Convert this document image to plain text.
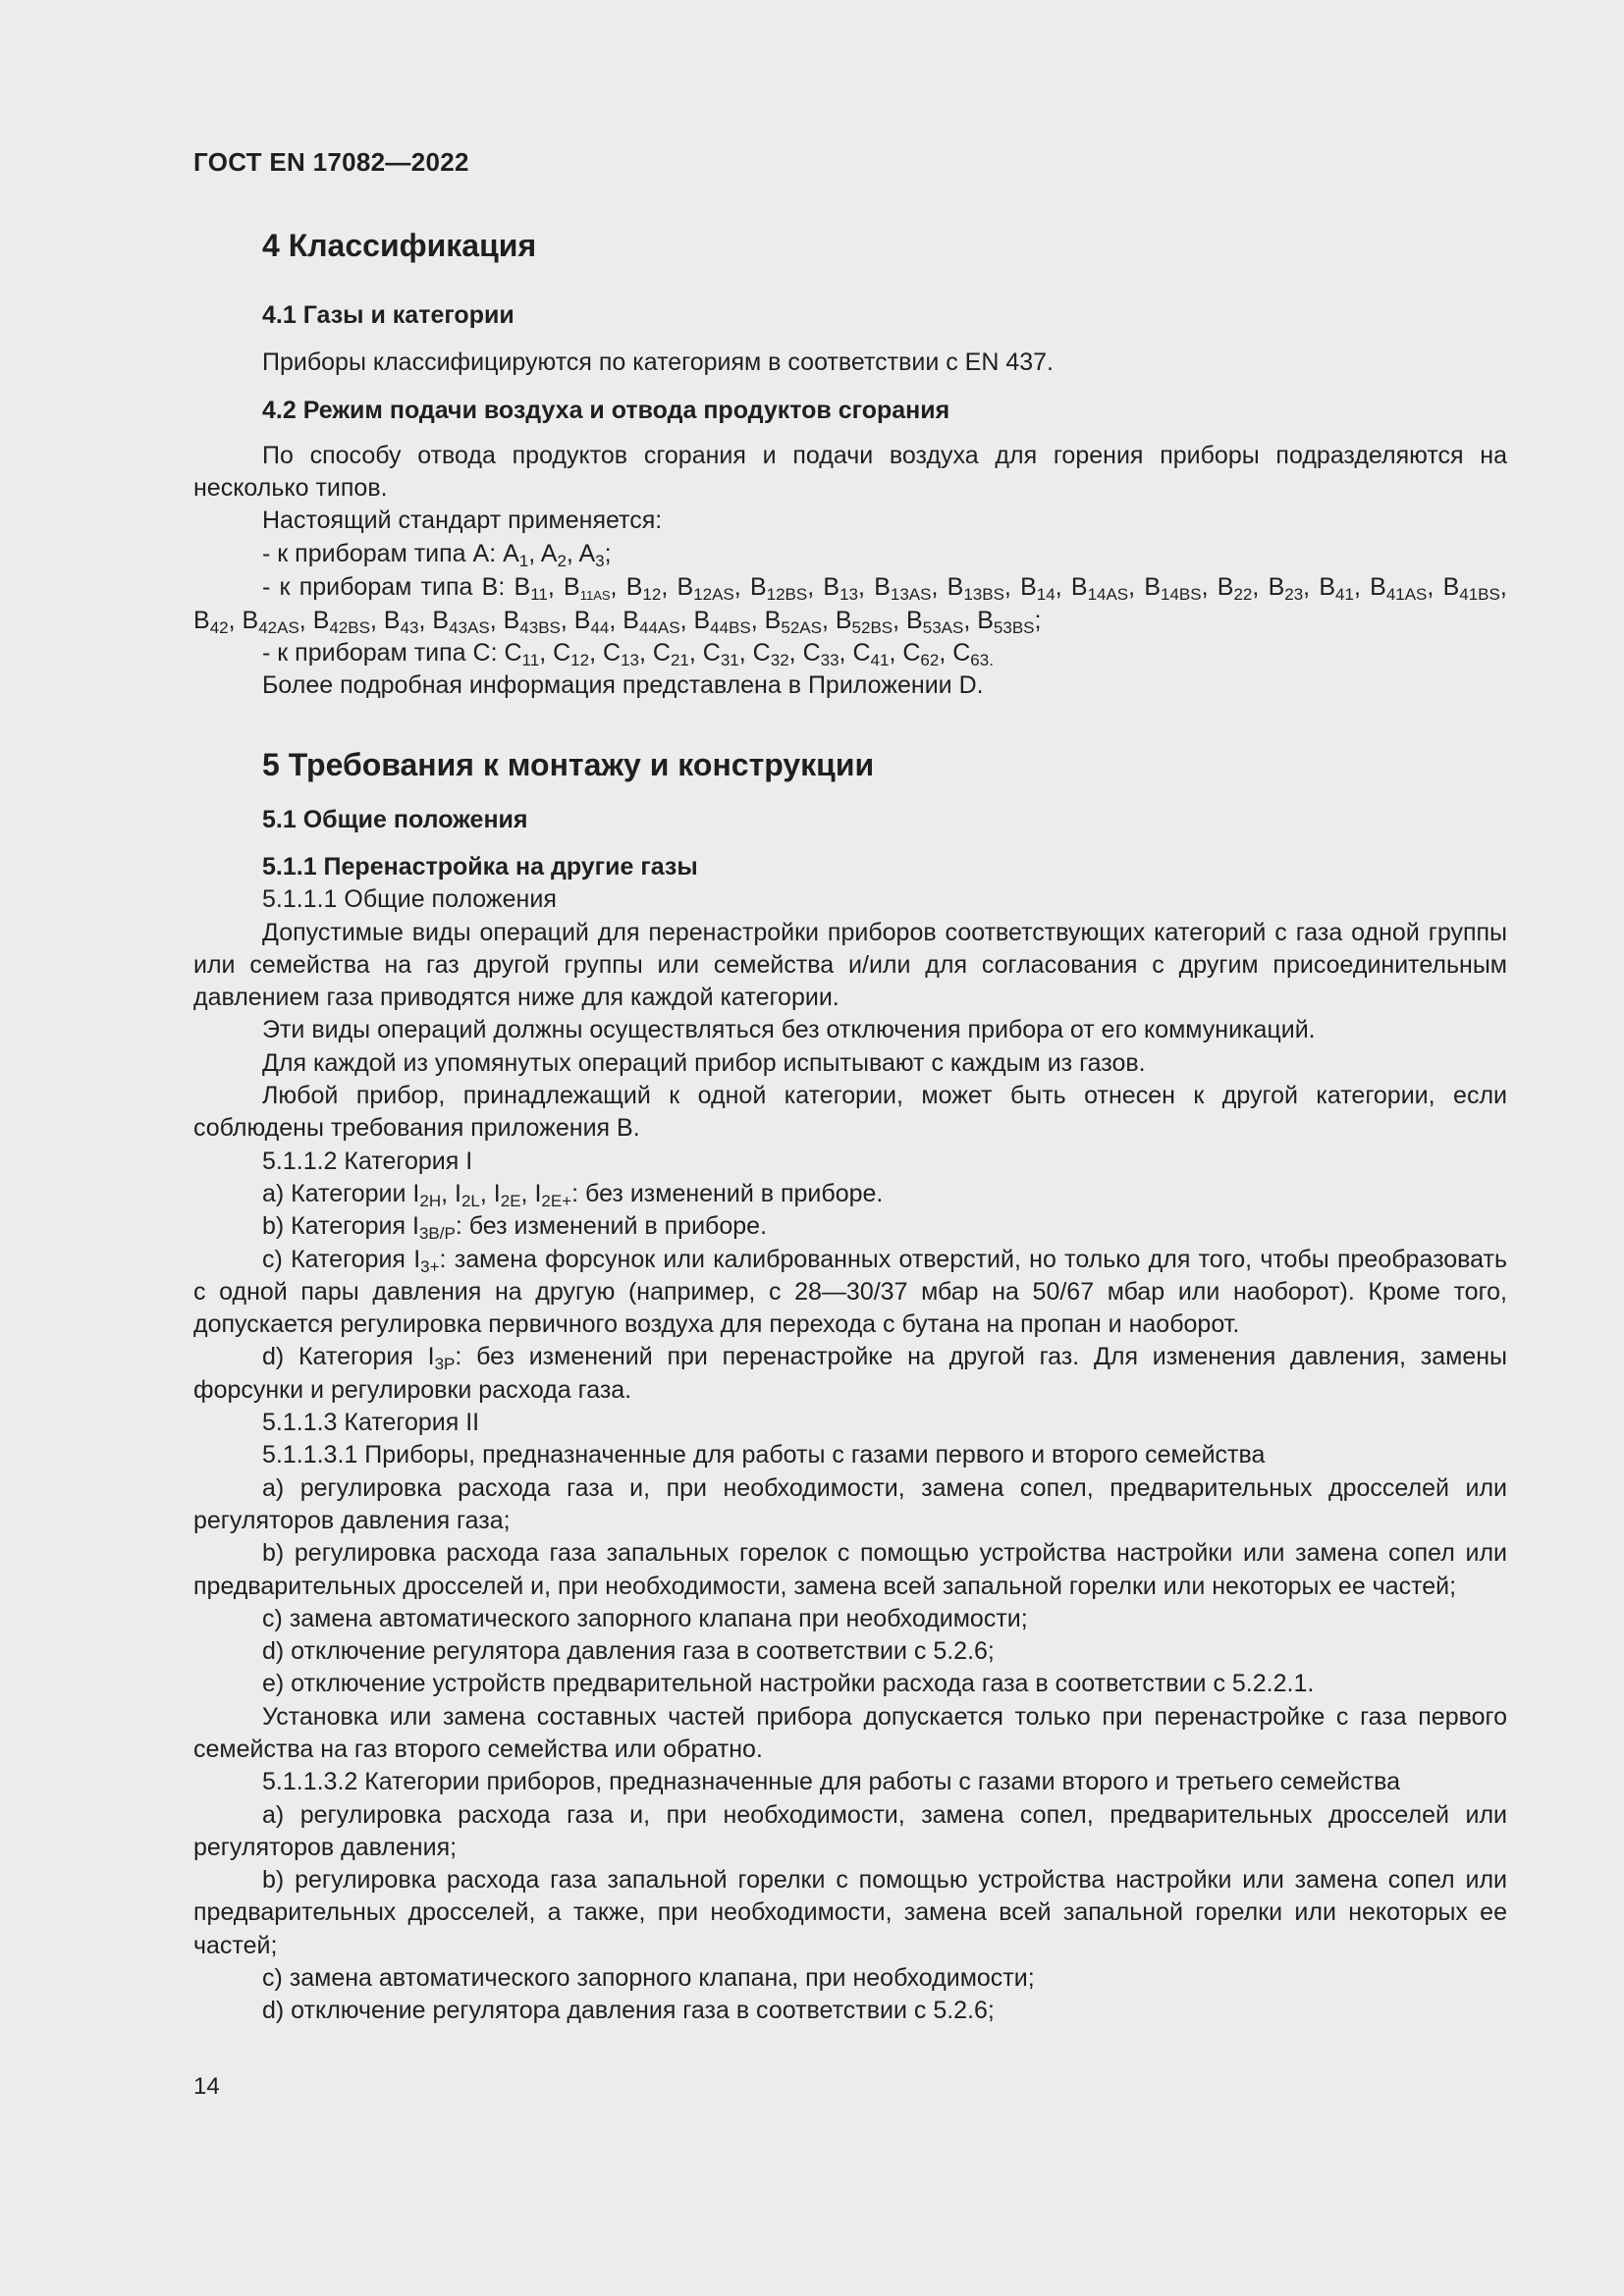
ГОСТ EN 17082—2022

4 Классификация

4.1 Газы и категории

Приборы классифицируются по категориям в соответствии с EN 437.

4.2 Режим подачи воздуха и отвода продуктов сгорания

По способу отвода продуктов сгорания и подачи воздуха для горения приборы подразделяются на несколько типов.

Настоящий стандарт применяется:

- к приборам типа А: $A_1$, $A_2$, $A_3$;

- к приборам типа В: $B_{11}$, $B_{11AS}$, $B_{12}$, $B_{12AS}$, $B_{12BS}$, $B_{13}$, $B_{13AS}$, $B_{13BS}$, $B_{14}$, $B_{14AS}$, $B_{14BS}$, $B_{22}$, $B_{23}$, $B_{41}$, $B_{41AS}$, $B_{41BS}$, $B_{42}$, $B_{42AS}$, $B_{42BS}$, $B_{43}$, $B_{43AS}$, $B_{43BS}$, $B_{44}$, $B_{44AS}$, $B_{44BS}$, $B_{52AS}$, $B_{52BS}$, $B_{53AS}$, $B_{53BS}$;

- к приборам типа С: $C_{11}$, $C_{12}$, $C_{13}$, $C_{21}$, $C_{31}$, $C_{32}$, $C_{33}$, $C_{41}$, $C_{62}$, $C_{63.}$

Более подробная информация представлена в Приложении D.

5 Требования к монтажу и конструкции

5.1 Общие положения

5.1.1 Перенастройка на другие газы

5.1.1.1 Общие положения

Допустимые виды операций для перенастройки приборов соответствующих категорий с газа одной группы или семейства на газ другой группы или семейства и/или для согласования с другим присоединительным давлением газа приводятся ниже для каждой категории.

Эти виды операций должны осуществляться без отключения прибора от его коммуникаций.

Для каждой из упомянутых операций прибор испытывают с каждым из газов.

Любой прибор, принадлежащий к одной категории, может быть отнесен к другой категории, если соблюдены требования приложения B.

5.1.1.2 Категория I

a) Категории $I_{2H}$, $I_{2L}$, $I_{2E}$, $I_{2E+}$: без изменений в приборе.

b) Категория $I_{3B/P}$: без изменений в приборе.

c) Категория $I_{3+}$: замена форсунок или калиброванных отверстий, но только для того, чтобы преобразовать с одной пары давления на другую (например, с 28—30/37 мбар на 50/67 мбар или наоборот). Кроме того, допускается регулировка первичного воздуха для перехода с бутана на пропан и наоборот.

d) Категория $I_{3P}$: без изменений при перенастройке на другой газ. Для изменения давления, замены форсунки и регулировки расхода газа.

5.1.1.3 Категория II

5.1.1.3.1 Приборы, предназначенные для работы с газами первого и второго семейства

a) регулировка расхода газа и, при необходимости, замена сопел, предварительных дросселей или регуляторов давления газа;

b) регулировка расхода газа запальных горелок с помощью устройства настройки или замена сопел или предварительных дросселей и, при необходимости, замена всей запальной горелки или некоторых ее частей;

c) замена автоматического запорного клапана при необходимости;

d) отключение регулятора давления газа в соответствии с 5.2.6;

e) отключение устройств предварительной настройки расхода газа в соответствии с 5.2.2.1.

Установка или замена составных частей прибора допускается только при перенастройке с газа первого семейства на газ второго семейства или обратно.

5.1.1.3.2 Категории приборов, предназначенные для работы с газами второго и третьего семейства

a) регулировка расхода газа и, при необходимости, замена сопел, предварительных дросселей или регуляторов давления;

b) регулировка расхода газа запальной горелки с помощью устройства настройки или замена сопел или предварительных дросселей, а также, при необходимости, замена всей запальной горелки или некоторых ее частей;

c) замена автоматического запорного клапана, при необходимости;

d) отключение регулятора давления газа в соответствии с 5.2.6;

14
